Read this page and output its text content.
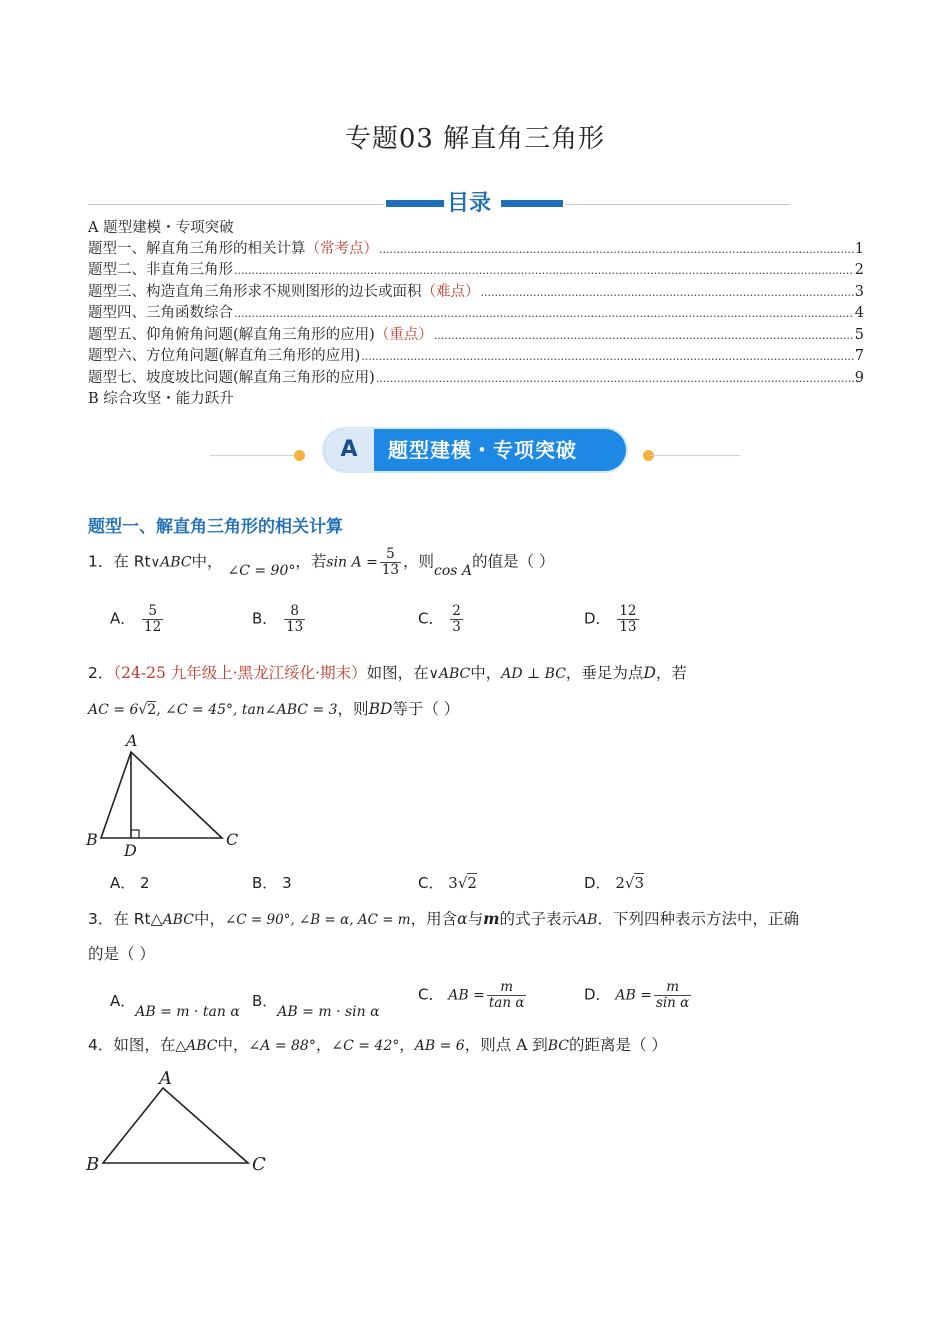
专题03 解直角三角形
目录
A 题型建模・专项突破
题型一、解直角三角形的相关计算 （常考点） .....	1
题型二、非直角三角形 .....	2
题型三、构造直角三角形求不规则图形的边长或面积 （难点） .....	3
题型四、三角函数综合 .....	4
题型五、仰角俯角问题(解直角三角形的应用) （重点） .....	5
题型六、方位角问题(解直角三角形的应用) .....	7
题型七、坡度坡比问题(解直角三角形的应用) .....	9
B 综合攻坚・能力跃升
A	题型建模・专项突破
题型一、解直角三角形的相关计算
1．在 Rt∨ABC中， ∠C = 90°，若$\sin A = \frac{5}{13}$ ，则cos A的值是（ ）
A． $\frac{5}{12}$	B． $\frac{8}{13}$	C． $\frac{2}{3}$	D． $\frac{12}{13}$
2．（24-25 九年级上·黑龙江绥化·期末）如图，在∨ABC中，AD ⊥ BC，垂足为点D，若
AC = 6√2, ∠C = 45°, tan∠ABC = 3，则BD等于（ ）
A
B	C
D
A． 2	B． 3	C． 3√2	D． 2√3
3．在 Rt△ABC中，∠C = 90°, ∠B = α, AC = m，用含α与m的式子表示AB．下列四种表示方法中，正确
的是（ ）
A．AB = m · tan α
B．AB = m · sin α
C． AB = $\frac{m}{\text{tan α}}$	D． AB = $\frac{m}{\text{sin α}}$
4．如图，在△ABC中，∠A = 88°，∠C = 42°，AB = 6，则点 A 到BC的距离是（ ）
A
B	C
